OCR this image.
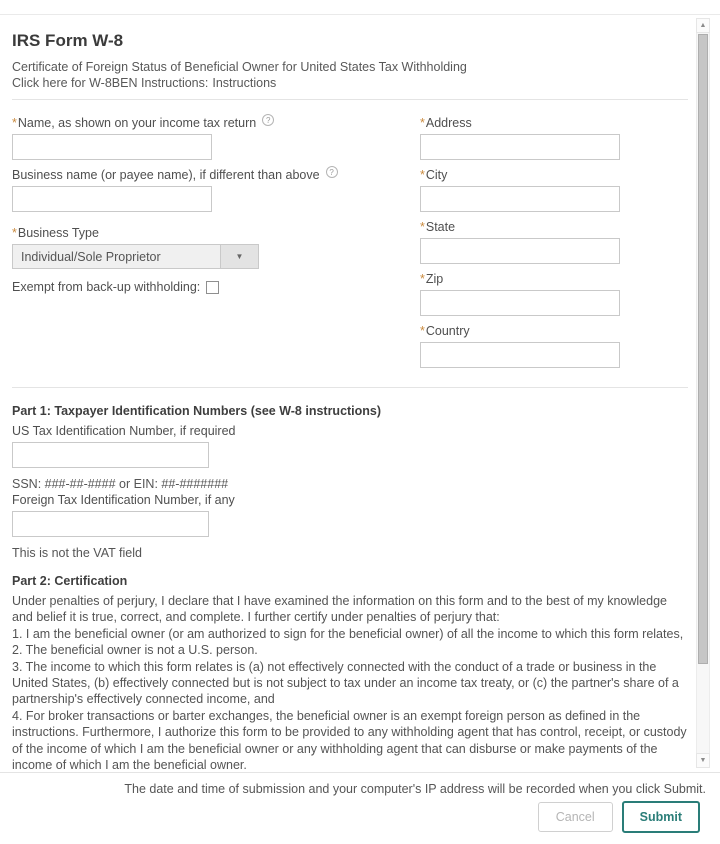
IRS Form W-8
Certificate of Foreign Status of Beneficial Owner for United States Tax Withholding
Click here for W-8BEN Instructions: Instructions
* Name, as shown on your income tax return	?
Business name (or payee name), if different than above	?
* Business Type
Individual/Sole Proprietor	▼
Exempt from back-up withholding:
* Address
* City
* State
* Zip
* Country
Part 1: Taxpayer Identification Numbers (see W-8 instructions)
US Tax Identification Number, if required
SSN: ###-##-#### or EIN: ##-#######
Foreign Tax Identification Number, if any
This is not the VAT field
Part 2: Certification

Under penalties of perjury, I declare that I have examined the information on this form and to the best of my knowledge and belief it is true, correct, and complete. I further certify under penalties of perjury that:

1. I am the beneficial owner (or am authorized to sign for the beneficial owner) of all the income to which this form relates,

2. The beneficial owner is not a U.S. person.

3. The income to which this form relates is (a) not effectively connected with the conduct of a trade or business in the United States, (b) effectively connected but is not subject to tax under an income tax treaty, or (c) the partner's share of a partnership's effectively connected income, and

4. For broker transactions or barter exchanges, the beneficial owner is an exempt foreign person as defined in the instructions. Furthermore, I authorize this form to be provided to any withholding agent that has control, receipt, or custody of the income of which I am the beneficial owner or any withholding agent that can disburse or make payments of the income of which I am the beneficial owner.

▲
▼
The date and time of submission and your computer's IP address will be recorded when you click Submit.
Cancel	Submit
